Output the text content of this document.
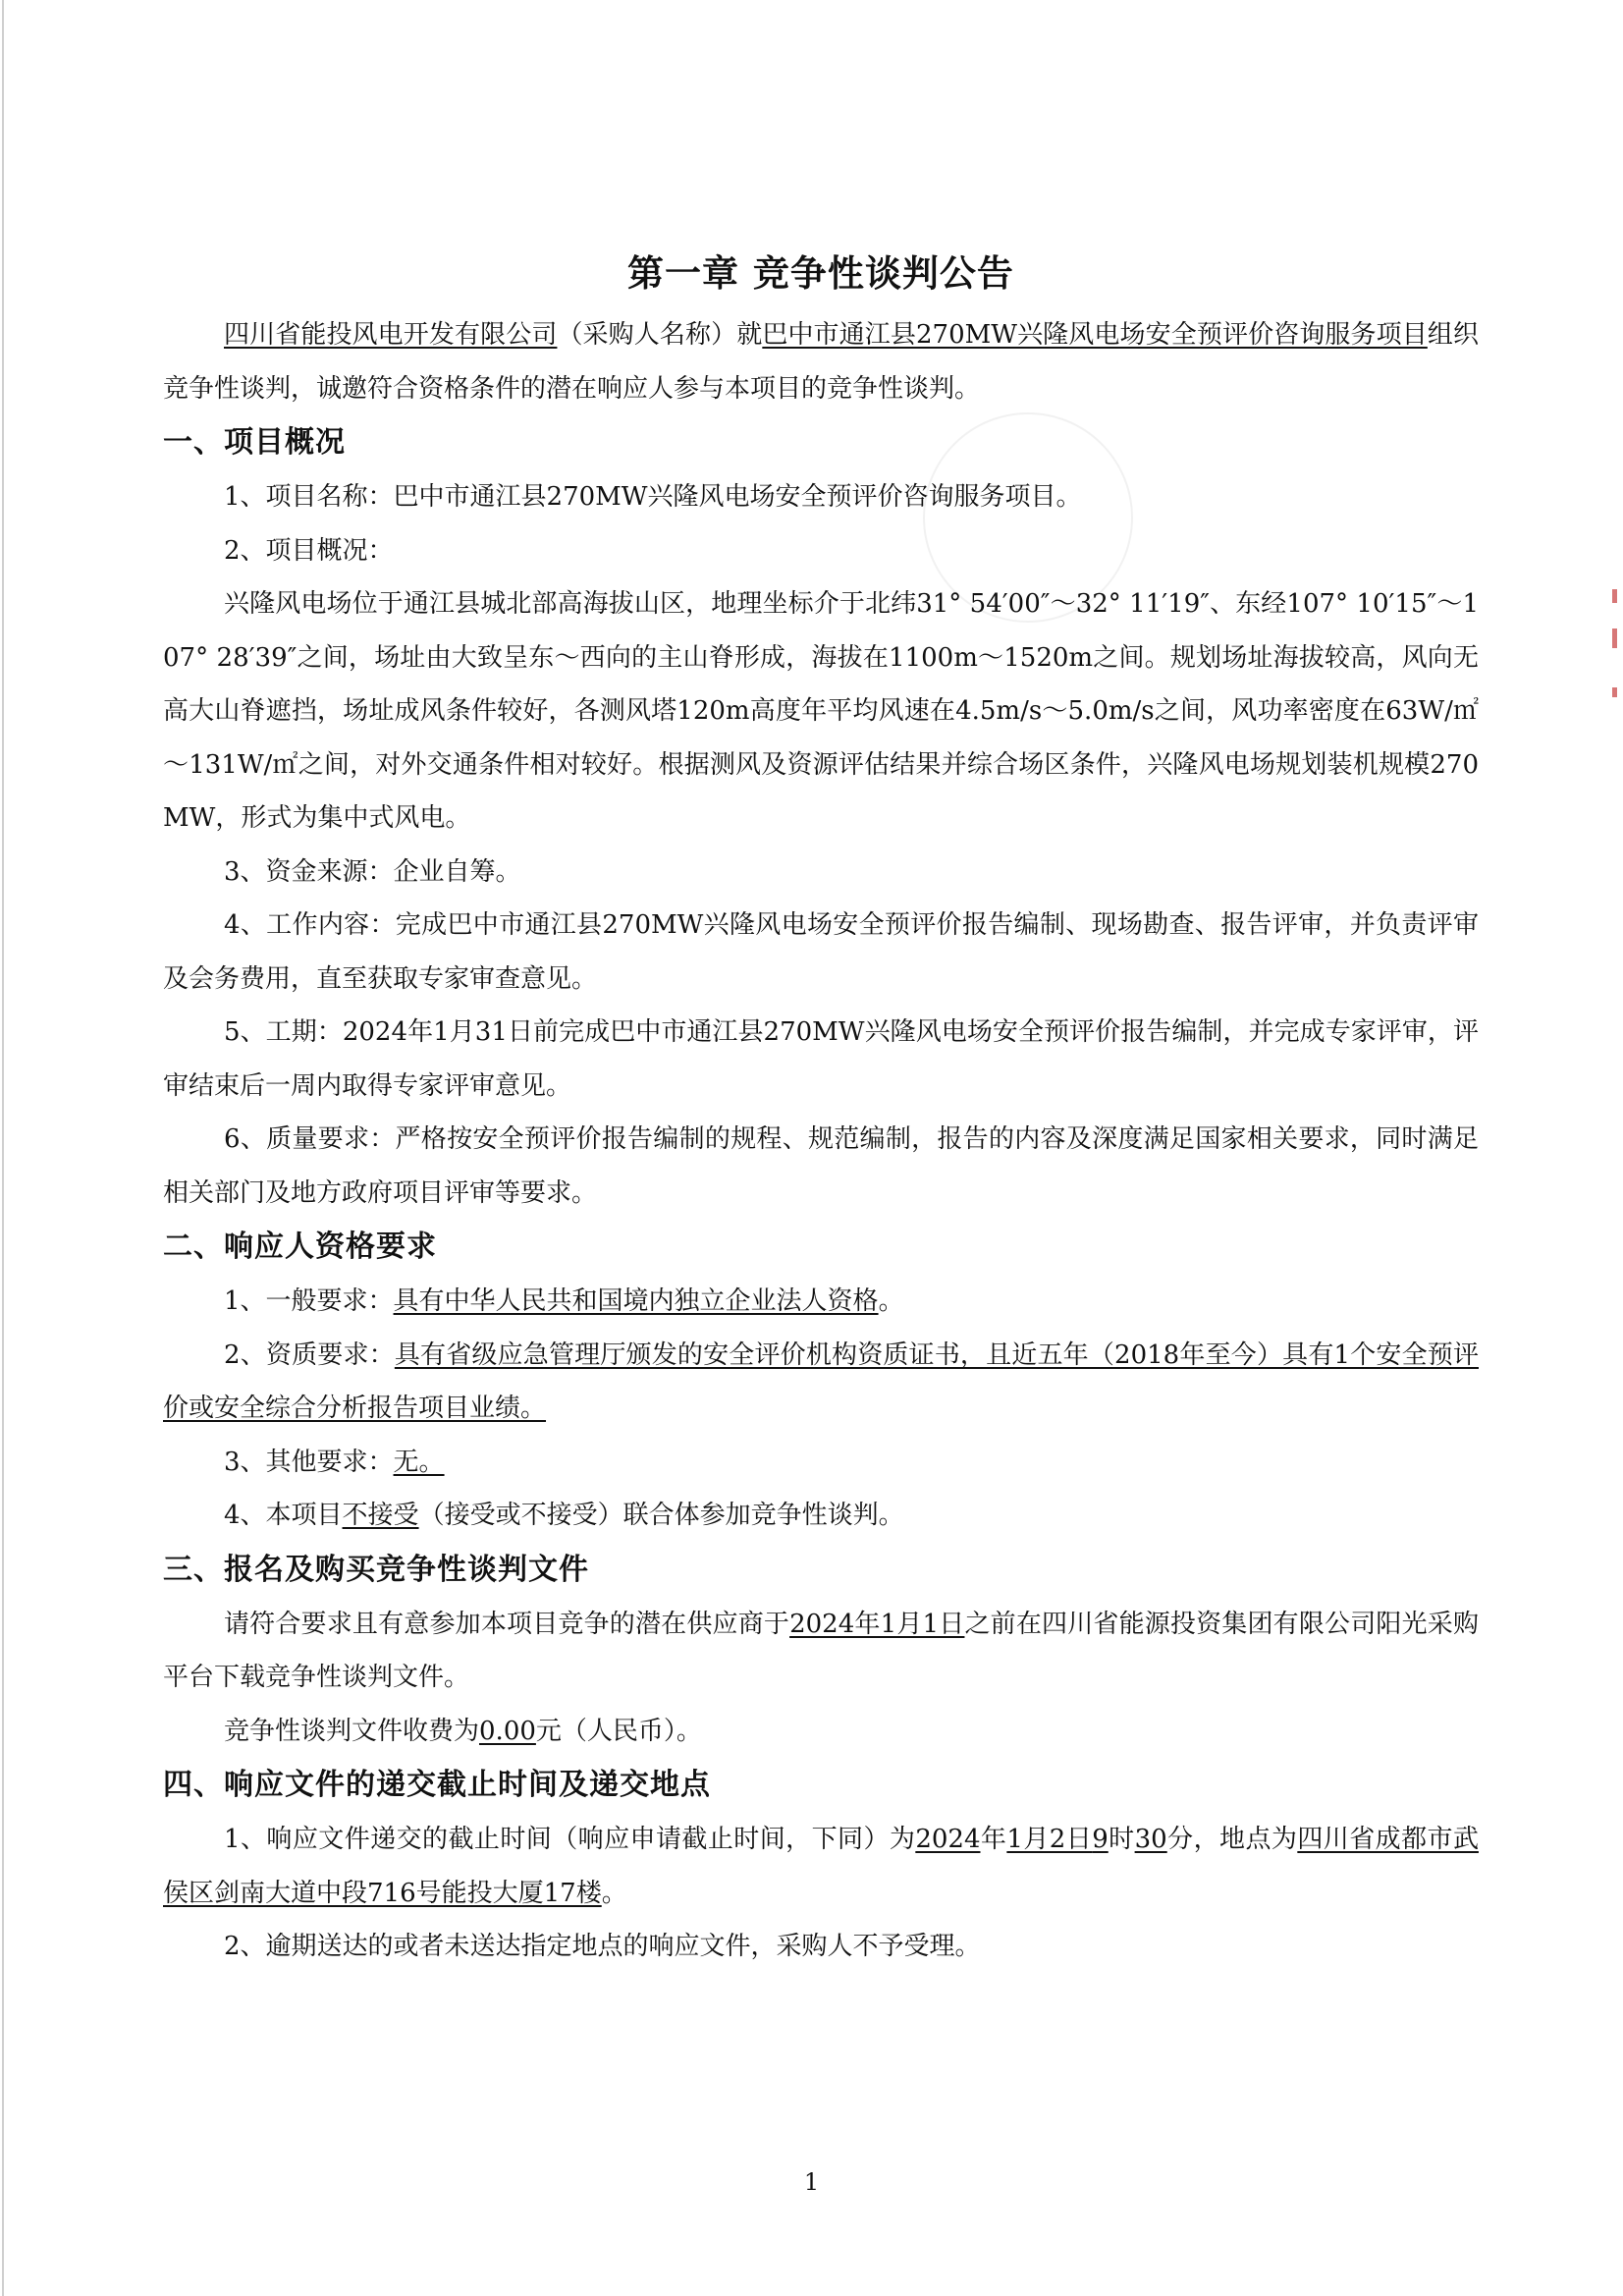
第一章 竞争性谈判公告

四川省能投风电开发有限公司（采购人名称）就巴中市通江县270MW兴隆风电场安全预评价咨询服务项目组织竞争性谈判，诚邀符合资格条件的潜在响应人参与本项目的竞争性谈判。

一、项目概况

1、项目名称：巴中市通江县270MW兴隆风电场安全预评价咨询服务项目。

2、项目概况：

兴隆风电场位于通江县城北部高海拔山区，地理坐标介于北纬31° 54′00″～32° 11′19″、东经107° 10′15″～107° 28′39″之间，场址由大致呈东～西向的主山脊形成，海拔在1100m～1520m之间。规划场址海拔较高，风向无高大山脊遮挡，场址成风条件较好，各测风塔120m高度年平均风速在4.5m/s～5.0m/s之间，风功率密度在63W/㎡～131W/㎡之间，对外交通条件相对较好。根据测风及资源评估结果并综合场区条件，兴隆风电场规划装机规模270MW，形式为集中式风电。

3、资金来源：企业自筹。

4、工作内容：完成巴中市通江县270MW兴隆风电场安全预评价报告编制、现场勘查、报告评审，并负责评审及会务费用，直至获取专家审查意见。

5、工期：2024年1月31日前完成巴中市通江县270MW兴隆风电场安全预评价报告编制，并完成专家评审，评审结束后一周内取得专家评审意见。

6、质量要求：严格按安全预评价报告编制的规程、规范编制，报告的内容及深度满足国家相关要求，同时满足相关部门及地方政府项目评审等要求。

二、响应人资格要求

1、一般要求：具有中华人民共和国境内独立企业法人资格。

2、资质要求：具有省级应急管理厅颁发的安全评价机构资质证书，且近五年（2018年至今）具有1个安全预评价或安全综合分析报告项目业绩。

3、其他要求：无。

4、本项目不接受（接受或不接受）联合体参加竞争性谈判。

三、报名及购买竞争性谈判文件

请符合要求且有意参加本项目竞争的潜在供应商于2024年1月1日之前在四川省能源投资集团有限公司阳光采购平台下载竞争性谈判文件。

竞争性谈判文件收费为0.00元（人民币）。

四、响应文件的递交截止时间及递交地点

1、响应文件递交的截止时间（响应申请截止时间，下同）为2024年1月2日9时30分，地点为四川省成都市武侯区剑南大道中段716号能投大厦17楼。

2、逾期送达的或者未送达指定地点的响应文件，采购人不予受理。

1
